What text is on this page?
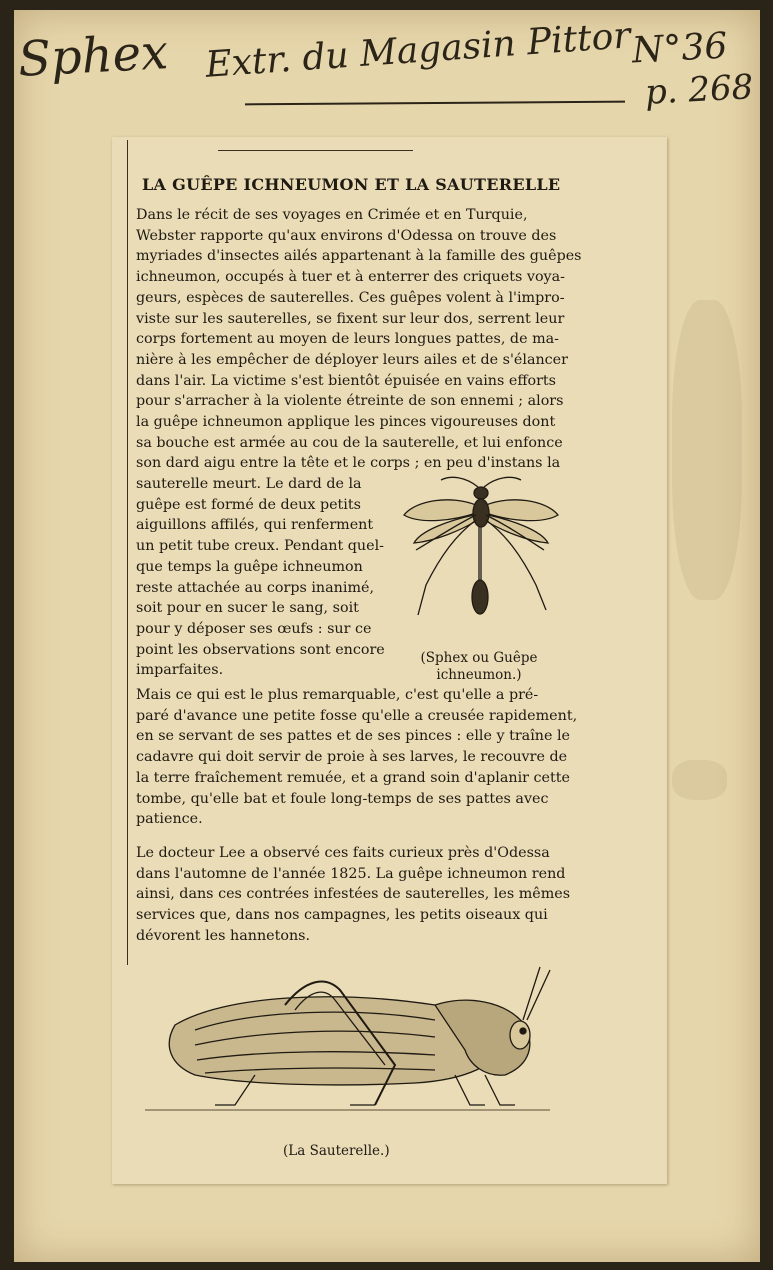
Sphex Extr. du Magasin Pittor N°36
p. 268
LA GUÊPE ICHNEUMON ET LA SAUTERELLE
Dans le récit de ses voyages en Crimée et en Turquie,
Webster rapporte qu'aux environs d'Odessa on trouve des
myriades d'insectes ailés appartenant à la famille des guêpes
ichneumon, occupés à tuer et à enterrer des criquets voya-
geurs, espèces de sauterelles. Ces guêpes volent à l'impro-
viste sur les sauterelles, se fixent sur leur dos, serrent leur
corps fortement au moyen de leurs longues pattes, de ma-
nière à les empêcher de déployer leurs ailes et de s'élancer
dans l'air. La victime s'est bientôt épuisée en vains efforts
pour s'arracher à la violente étreinte de son ennemi ; alors
la guêpe ichneumon applique les pinces vigoureuses dont
sa bouche est armée au cou de la sauterelle, et lui enfonce
son dard aigu entre la tête et le corps ; en peu d'instans la
sauterelle meurt. Le dard de la
guêpe est formé de deux petits
aiguillons affilés, qui renferment
un petit tube creux. Pendant quel-
que temps la guêpe ichneumon
reste attachée au corps inanimé,
soit pour en sucer le sang, soit
pour y déposer ses œufs : sur ce
point les observations sont encore
imparfaites.
(Sphex ou Guêpe
ichneumon.)
Mais ce qui est le plus remarquable, c'est qu'elle a pré-
paré d'avance une petite fosse qu'elle a creusée rapidement,
en se servant de ses pattes et de ses pinces : elle y traîne le
cadavre qui doit servir de proie à ses larves, le recouvre de
la terre fraîchement remuée, et a grand soin d'aplanir cette
tombe, qu'elle bat et foule long-temps de ses pattes avec
patience.
Le docteur Lee a observé ces faits curieux près d'Odessa
dans l'automne de l'année 1825. La guêpe ichneumon rend
ainsi, dans ces contrées infestées de sauterelles, les mêmes
services que, dans nos campagnes, les petits oiseaux qui
dévorent les hannetons.
(La Sauterelle.)
